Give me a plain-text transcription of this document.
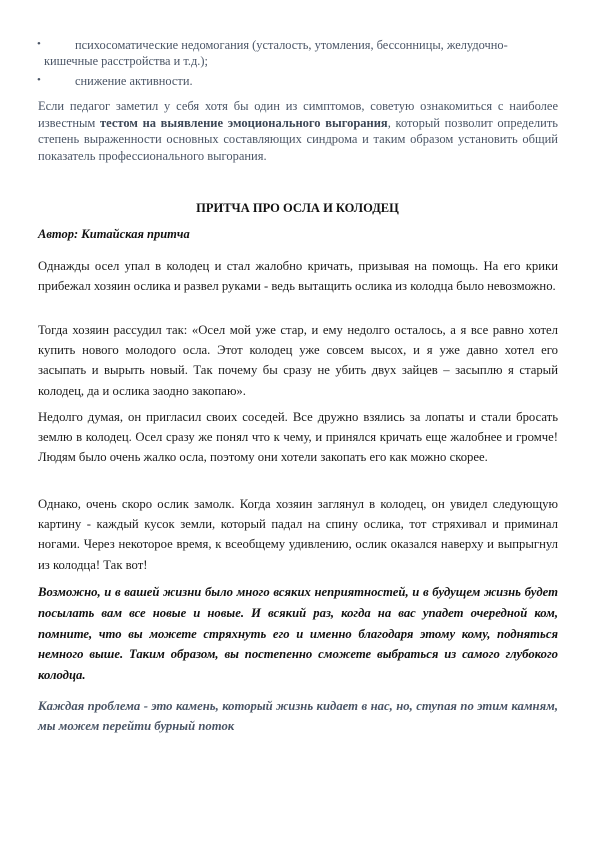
•	психосоматические недомогания (усталость, утомления, бессонницы, желудочно-
кишечные расстройства и т.д.);
•	снижение активности.

Если педагог заметил у себя хотя бы один из симптомов, советую ознакомиться с наиболее известным тестом на выявление эмоционального выгорания, который позволит определить степень выраженности основных составляющих синдрома и таким образом установить общий показатель профессионального выгорания.

ПРИТЧА ПРО ОСЛА И КОЛОДЕЦ
Автор: Китайская притча

Однажды осел упал в колодец и стал жалобно кричать, призывая на помощь. На его крики прибежал хозяин ослика и развел руками - ведь вытащить ослика из колодца было невозможно.

Тогда хозяин рассудил так: «Осел мой уже стар, и ему недолго осталось, а я все равно хотел купить нового молодого осла. Этот колодец уже совсем высох, и я уже давно хотел его засыпать и вырыть новый. Так почему бы сразу не убить двух зайцев – засыплю я старый колодец, да и ослика заодно закопаю».

Недолго думая, он пригласил своих соседей. Все дружно взялись за лопаты и стали бросать землю в колодец. Осел сразу же понял что к чему, и принялся кричать еще жалобнее и громче! Людям было очень жалко осла, поэтому они хотели закопать его как можно скорее.

Однако, очень скоро ослик замолк. Когда хозяин заглянул в колодец, он увидел следующую картину - каждый кусок земли, который падал на спину ослика, тот стряхивал и приминал ногами. Через некоторое время, к всеобщему удивлению, ослик оказался наверху и выпрыгнул из колодца! Так вот!

Возможно, и в вашей жизни было много всяких неприятностей, и в будущем жизнь будет посылать вам все новые и новые. И всякий раз, когда на вас упадет очередной ком, помните, что вы можете стряхнуть его и именно благодаря этому кому, подняться немного выше. Таким образом, вы постепенно сможете выбраться из самого глубокого колодца.

Каждая проблема - это камень, который жизнь кидает в нас, но, ступая по этим камням, мы можем перейти бурный поток
